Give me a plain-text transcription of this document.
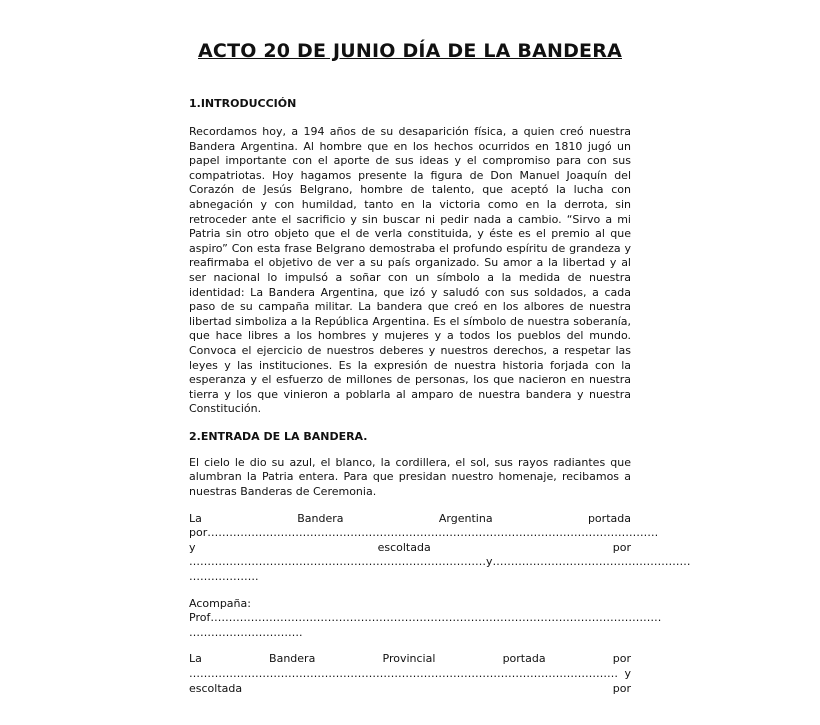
ACTO 20 DE JUNIO DÍA DE LA BANDERA
1.INTRODUCCIÓN
Recordamos hoy, a 194 años de su desaparición física, a quien creó nuestra Bandera Argentina. Al hombre que en los hechos ocurridos en 1810 jugó un papel importante con el aporte de sus ideas y el compromiso para con sus compatriotas. Hoy hagamos presente la figura de Don Manuel Joaquín del Corazón de Jesús Belgrano, hombre de talento, que aceptó la lucha con abnegación y con humildad, tanto en la victoria como en la derrota, sin retroceder ante el sacrificio y sin buscar ni pedir nada a cambio. “Sirvo a mi Patria sin otro objeto que el de verla constituida, y éste es el premio al que aspiro” Con esta frase Belgrano demostraba el profundo espíritu de grandeza y reafirmaba el objetivo de ver a su país organizado. Su amor a la libertad y al ser nacional lo impulsó a soñar con un símbolo a la medida de nuestra identidad: La Bandera Argentina, que izó y saludó con sus soldados, a cada paso de su campaña militar. La bandera que creó en los albores de nuestra libertad simboliza a la República Argentina. Es el símbolo de nuestra soberanía, que hace libres a los hombres y mujeres y a todos los pueblos del mundo. Convoca el ejercicio de nuestros deberes y nuestros derechos, a respetar las leyes y las instituciones. Es la expresión de nuestra historia forjada con la esperanza y el esfuerzo de millones de personas, los que nacieron en nuestra tierra y los que vinieron a poblarla al amparo de nuestra bandera y nuestra Constitución.
2.ENTRADA DE LA BANDERA.
El cielo le dio su azul, el blanco, la cordillera, el sol, sus rayos radiantes que alumbran la Patria entera. Para que presidan nuestro homenaje, recibamos a nuestras Banderas de Ceremonia.
La	Bandera	Argentina	portada
por……………………………………………………………………………………………………………
y	escoltada	por
………………………………………………………………………y………………………………………………
……………….
Acompaña:
Prof……………………………………………………………………………………………………………
………………………….
La	Bandera	Provincial	portada	por
……………………………………………………………………………………………………… y
escoltada	por
